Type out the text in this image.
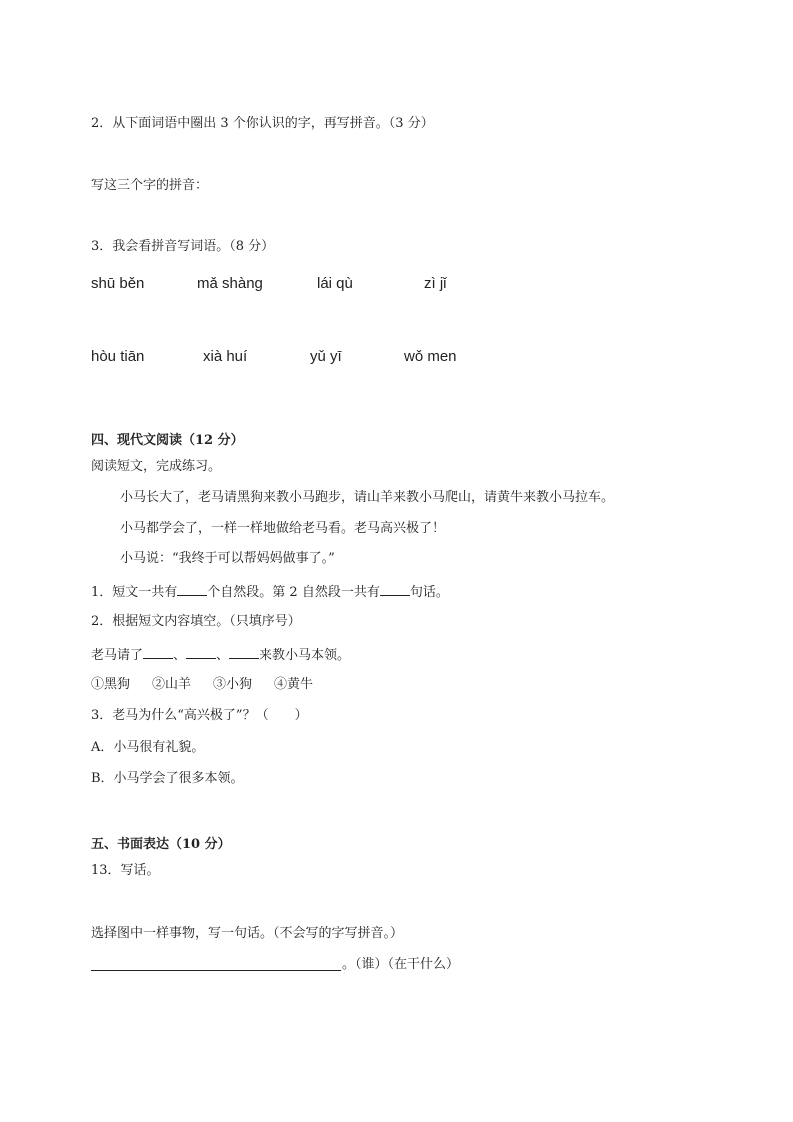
2．从下面词语中圈出 3 个你认识的字，再写拼音。（3 分）
写这三个字的拼音：
3．我会看拼音写词语。（8 分）
shū běn	mǎ shàng	lái qù	zì jǐ
hòu tiān	xià huí	yǔ yī	wǒ men
四、现代文阅读（12 分）
阅读短文，完成练习。
小马长大了，老马请黑狗来教小马跑步，请山羊来教小马爬山，请黄牛来教小马拉车。
小马都学会了，一样一样地做给老马看。老马高兴极了！
小马说：“我终于可以帮妈妈做事了。”
1．短文一共有 个自然段。第 2 自然段一共有 句话。
2．根据短文内容填空。（只填序号）
老马请了 、 、 来教小马本领。
①黑狗 ②山羊 ③小狗 ④黄牛
3．老马为什么“高兴极了”？（　　）
A．小马很有礼貌。
B．小马学会了很多本领。
五、书面表达（10 分）
13．写话。
选择图中一样事物，写一句话。（不会写的字写拼音。）
。（谁）（在干什么）
